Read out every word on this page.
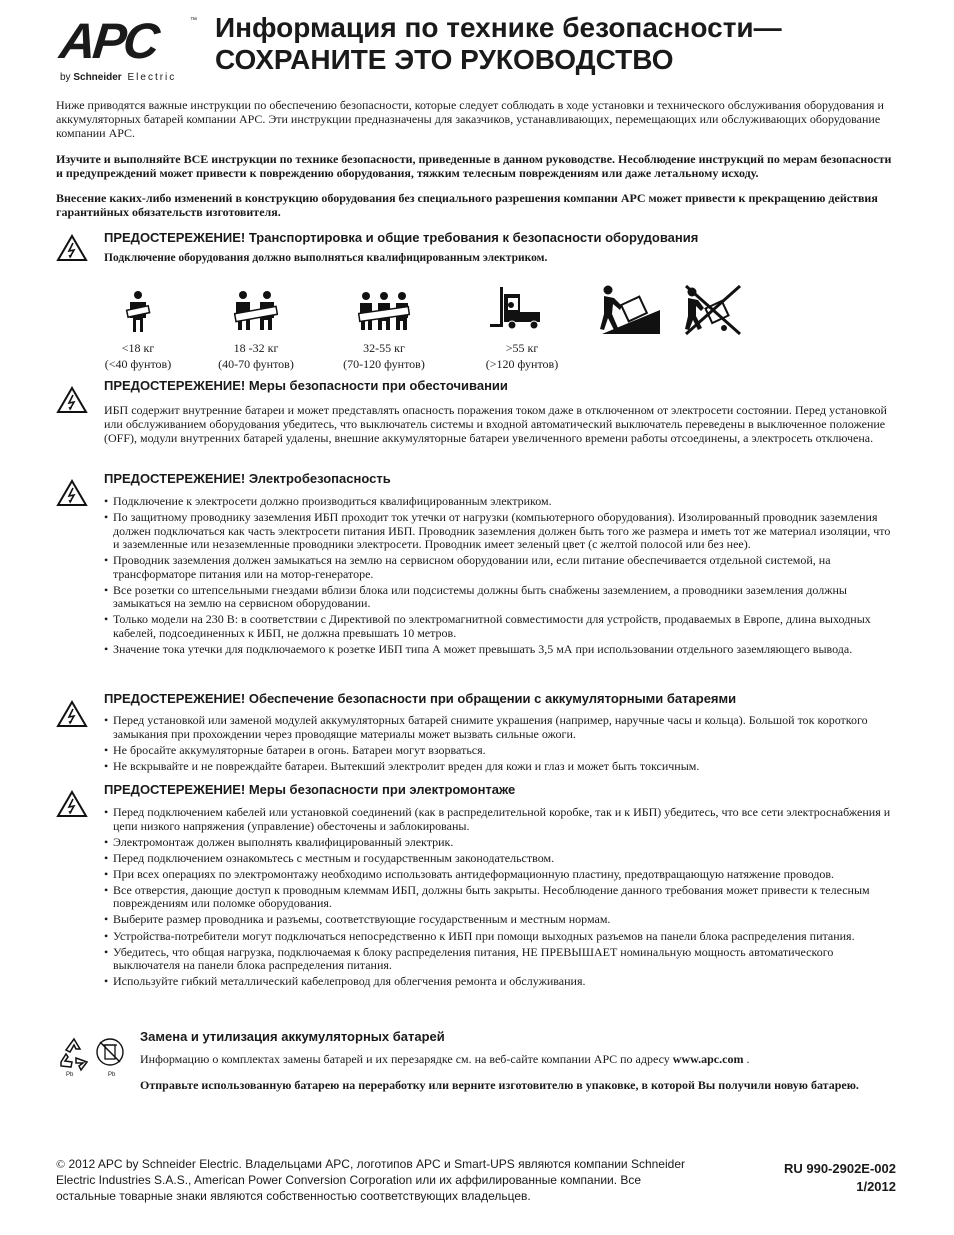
APC	™
by Schneider Electric
Информация по технике безопасности—
СОХРАНИТЕ ЭТО РУКОВОДСТВО
Ниже приводятся важные инструкции по обеспечению безопасности, которые следует соблюдать в ходе установки и технического обслуживания оборудования и аккумуляторных батарей компании APC. Эти инструкции предназначены для заказчиков, устанавливающих, перемещающих или обслуживающих оборудование компании APC.
Изучите и выполняйте ВСЕ инструкции по технике безопасности, приведенные в данном руководстве. Несоблюдение инструкций по мерам безопасности и предупреждений может привести к повреждению оборудования, тяжким телесным повреждениям или даже летальному исходу.
Внесение каких-либо изменений в конструкцию оборудования без специального разрешения компании APC может привести к прекращению действия гарантийных обязательств изготовителя.
ПРЕДОСТЕРЕЖЕНИЕ! Транспортировка и общие требования к безопасности оборудования
Подключение оборудования должно выполняться квалифицированным электриком.
<18 кг
(<40 фунтов)
18 -32 кг
(40-70 фунтов)
32-55 кг
(70-120 фунтов)
>55 кг
(>120 фунтов)
ПРЕДОСТЕРЕЖЕНИЕ! Меры безопасности при обесточивании
ИБП содержит внутренние батареи и может представлять опасность поражения током даже в отключенном от электросети состоянии. Перед установкой или обслуживанием оборудования убедитесь, что выключатель системы и входной автоматический выключатель переведены в выключенное положение (OFF), модули внутренних батарей удалены, внешние аккумуляторные батареи увеличенного времени работы отсоединены, а электросеть отключена.
ПРЕДОСТЕРЕЖЕНИЕ! Электробезопасность
• Подключение к электросети должно производиться квалифицированным электриком.
• По защитному проводнику заземления ИБП проходит ток утечки от нагрузки (компьютерного оборудования). Изолированный проводник заземления должен подключаться как часть электросети питания ИБП. Проводник заземления должен быть того же размера и иметь тот же материал изоляции, что и заземленные или незаземленные проводники электросети. Проводник имеет зеленый цвет (с желтой полосой или без нее).
• Проводник заземления должен замыкаться на землю на сервисном оборудовании или, если питание обеспечивается отдельной системой, на трансформаторе питания или на мотор-генераторе.
• Все розетки со штепсельными гнездами вблизи блока или подсистемы должны быть снабжены заземлением, а проводники заземления должны замыкаться на землю на сервисном оборудовании.
• Только модели на 230 В: в соответствии с Директивой по электромагнитной совместимости для устройств, продаваемых в Европе, длина выходных кабелей, подсоединенных к ИБП, не должна превышать 10 метров.
• Значение тока утечки для подключаемого к розетке ИБП типа А может превышать 3,5 мА при использовании отдельного заземляющего вывода.
ПРЕДОСТЕРЕЖЕНИЕ! Обеспечение безопасности при обращении с аккумуляторными батареями
• Перед установкой или заменой модулей аккумуляторных батарей снимите украшения (например, наручные часы и кольца). Большой ток короткого замыкания при прохождении через проводящие материалы может вызвать сильные ожоги.
• Не бросайте аккумуляторные батареи в огонь. Батареи могут взорваться.
• Не вскрывайте и не повреждайте батареи. Вытекший электролит вреден для кожи и глаз и может быть токсичным.
ПРЕДОСТЕРЕЖЕНИЕ! Меры безопасности при электромонтаже
• Перед подключением кабелей или установкой соединений (как в распределительной коробке, так и к ИБП) убедитесь, что все сети электроснабжения и цепи низкого напряжения (управление) обесточены и заблокированы.
• Электромонтаж должен выполнять квалифицированный электрик.
• Перед подключением ознакомьтесь с местным и государственным законодательством.
• При всех операциях по электромонтажу необходимо использовать антидеформационную пластину, предотвращающую натяжение проводов.
• Все отверстия, дающие доступ к проводным клеммам ИБП, должны быть закрыты. Несоблюдение данного требования может привести к телесным повреждениям или поломке оборудования.
• Выберите размер проводника и разъемы, соответствующие государственным и местным нормам.
• Устройства-потребители могут подключаться непосредственно к ИБП при помощи выходных разъемов на панели блока распределения питания.
• Убедитесь, что общая нагрузка, подключаемая к блоку распределения питания, НЕ ПРЕВЫШАЕТ номинальную мощность автоматического выключателя на панели блока распределения питания.
• Используйте гибкий металлический кабелепровод для облегчения ремонта и обслуживания.
Pb	Pb
Замена и утилизация аккумуляторных батарей
Информацию о комплектах замены батарей и их перезарядке см. на веб-сайте компании APC по адресу www.apc.com .
Отправьте использованную батарею на переработку или верните изготовителю в упаковке, в которой Вы получили новую батарею.
© 2012 APC by Schneider Electric. Владельцами APC, логотипов APC и Smart-UPS являются компании Schneider Electric Industries S.A.S., American Power Conversion Corporation или их аффилированные компании. Все остальные товарные знаки являются собственностью соответствующих владельцев.
RU 990-2902E-002
1/2012
